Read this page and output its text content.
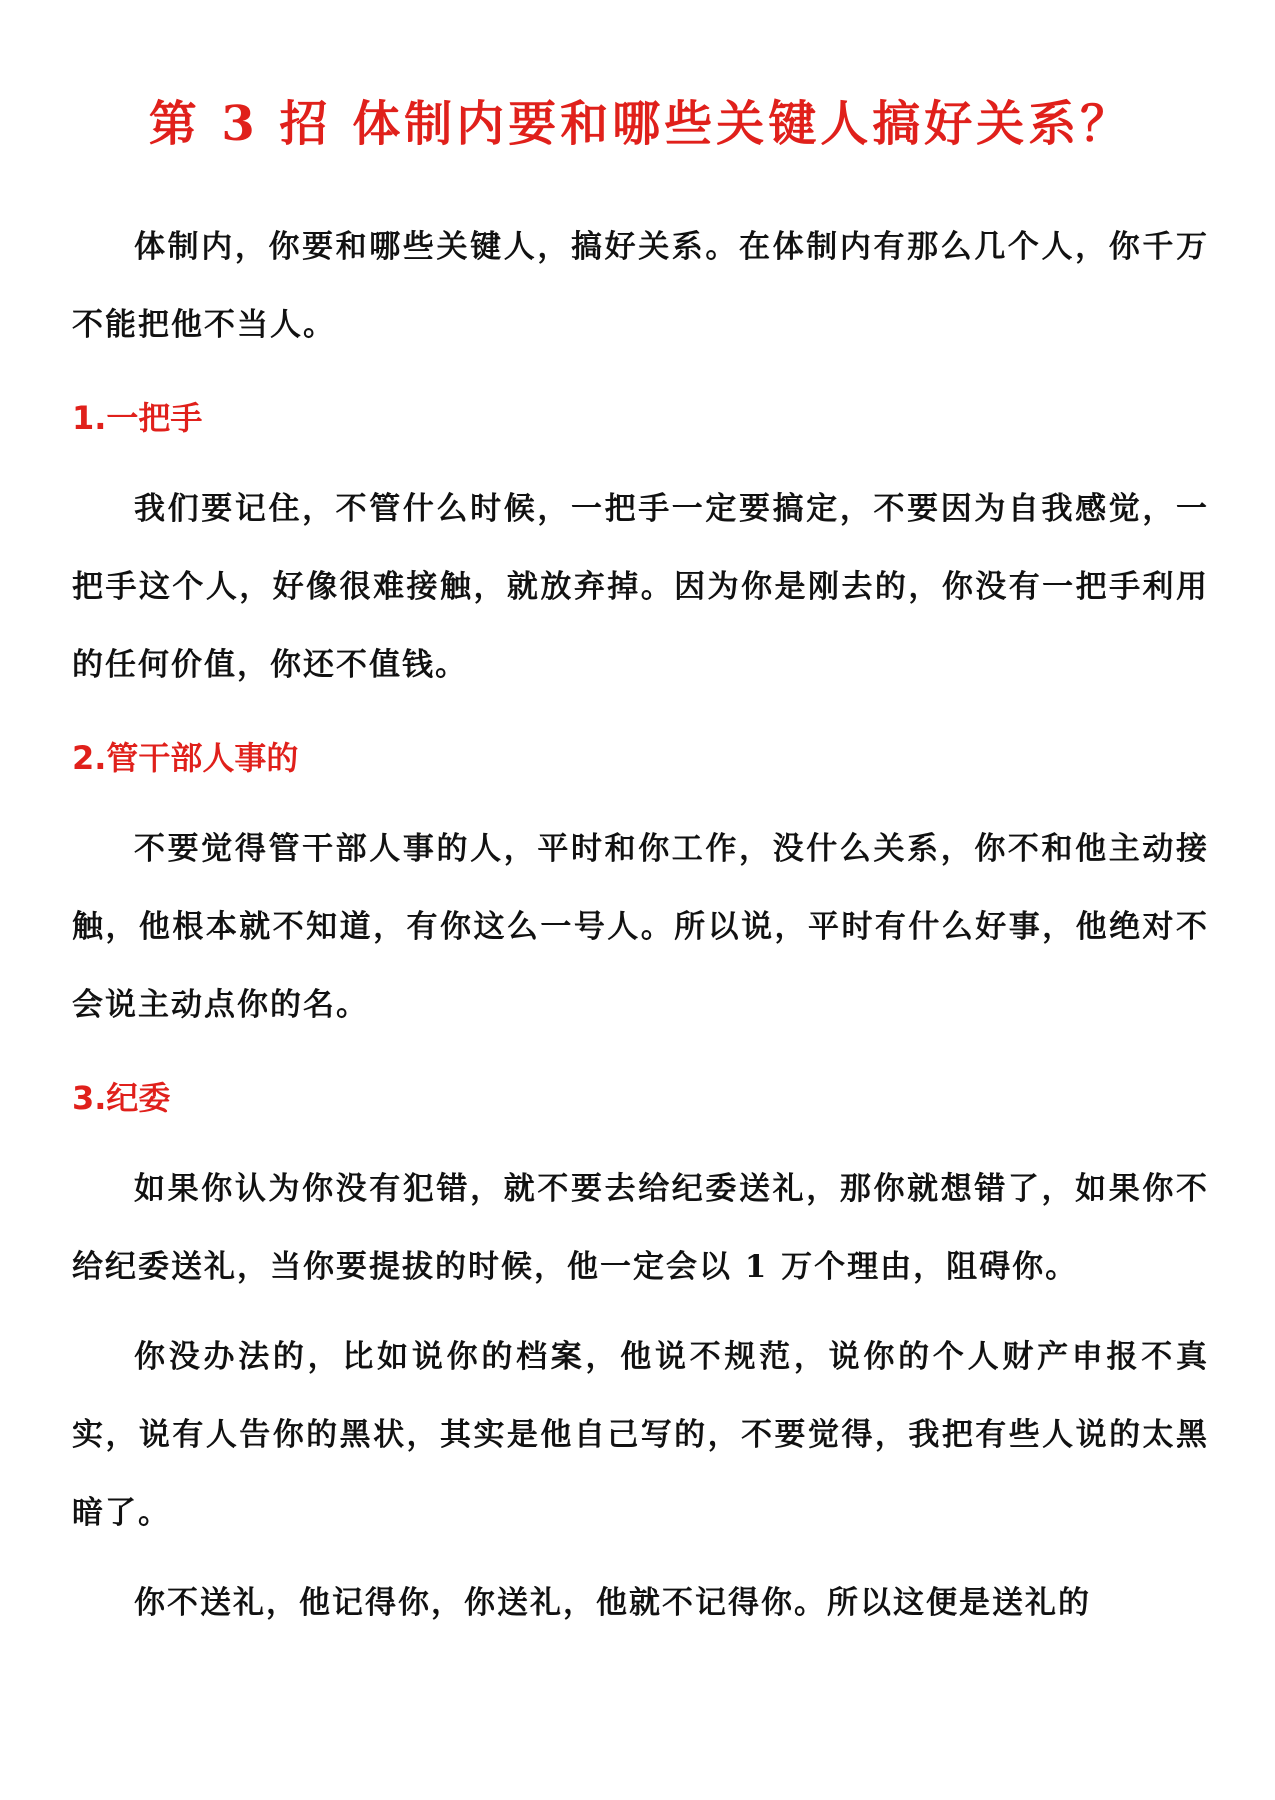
第 3 招 体制内要和哪些关键人搞好关系？

体制内，你要和哪些关键人，搞好关系。在体制内有那么几个人，你千万不能把他不当人。

1.一把手

我们要记住，不管什么时候，一把手一定要搞定，不要因为自我感觉，一把手这个人，好像很难接触，就放弃掉。因为你是刚去的，你没有一把手利用的任何价值，你还不值钱。

2.管干部人事的

不要觉得管干部人事的人，平时和你工作，没什么关系，你不和他主动接触，他根本就不知道，有你这么一号人。所以说，平时有什么好事，他绝对不会说主动点你的名。

3.纪委

如果你认为你没有犯错，就不要去给纪委送礼，那你就想错了，如果你不给纪委送礼，当你要提拔的时候，他一定会以 1 万个理由，阻碍你。

你没办法的，比如说你的档案，他说不规范，说你的个人财产申报不真实，说有人告你的黑状，其实是他自己写的，不要觉得，我把有些人说的太黑暗了。

你不送礼，他记得你，你送礼，他就不记得你。所以这便是送礼的
